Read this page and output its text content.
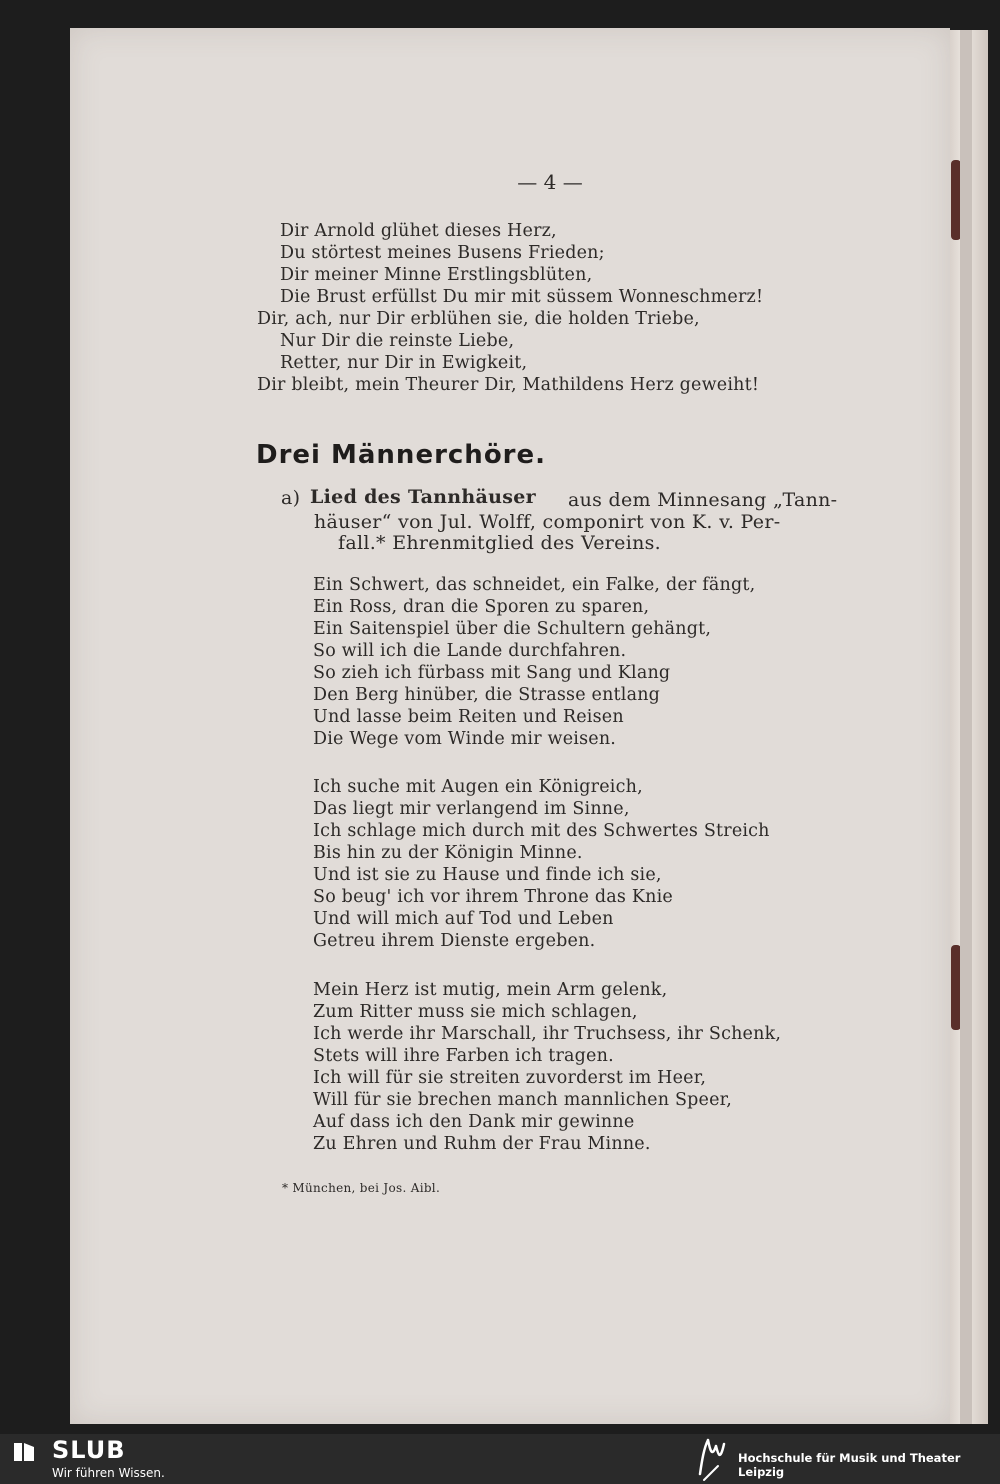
— 4 —
Dir Arnold glühet dieses Herz,
Du störtest meines Busens Frieden;
Dir meiner Minne Erstlingsblüten,
Die Brust erfüllst Du mir mit süssem Wonneschmerz!
Dir, ach, nur Dir erblühen sie, die holden Triebe,
Nur Dir die reinste Liebe,
Retter, nur Dir in Ewigkeit,
Dir bleibt, mein Theurer Dir, Mathildens Herz geweiht!
Drei Männerchöre.
a) Lied des Tannhäuser aus dem Minnesang „Tann-
häuser“ von Jul. Wolff, componirt von K. v. Per-
fall.* Ehrenmitglied des Vereins.
Ein Schwert, das schneidet, ein Falke, der fängt,
Ein Ross, dran die Sporen zu sparen,
Ein Saitenspiel über die Schultern gehängt,
So will ich die Lande durchfahren.
So zieh ich fürbass mit Sang und Klang
Den Berg hinüber, die Strasse entlang
Und lasse beim Reiten und Reisen
Die Wege vom Winde mir weisen.
Ich suche mit Augen ein Königreich,
Das liegt mir verlangend im Sinne,
Ich schlage mich durch mit des Schwertes Streich
Bis hin zu der Königin Minne.
Und ist sie zu Hause und finde ich sie,
So beug' ich vor ihrem Throne das Knie
Und will mich auf Tod und Leben
Getreu ihrem Dienste ergeben.
Mein Herz ist mutig, mein Arm gelenk,
Zum Ritter muss sie mich schlagen,
Ich werde ihr Marschall, ihr Truchsess, ihr Schenk,
Stets will ihre Farben ich tragen.
Ich will für sie streiten zuvorderst im Heer,
Will für sie brechen manch mannlichen Speer,
Auf dass ich den Dank mir gewinne
Zu Ehren und Ruhm der Frau Minne.
* München, bei Jos. Aibl.
SLUB
Wir führen Wissen.
Hochschule für Musik und Theater Leipzig
